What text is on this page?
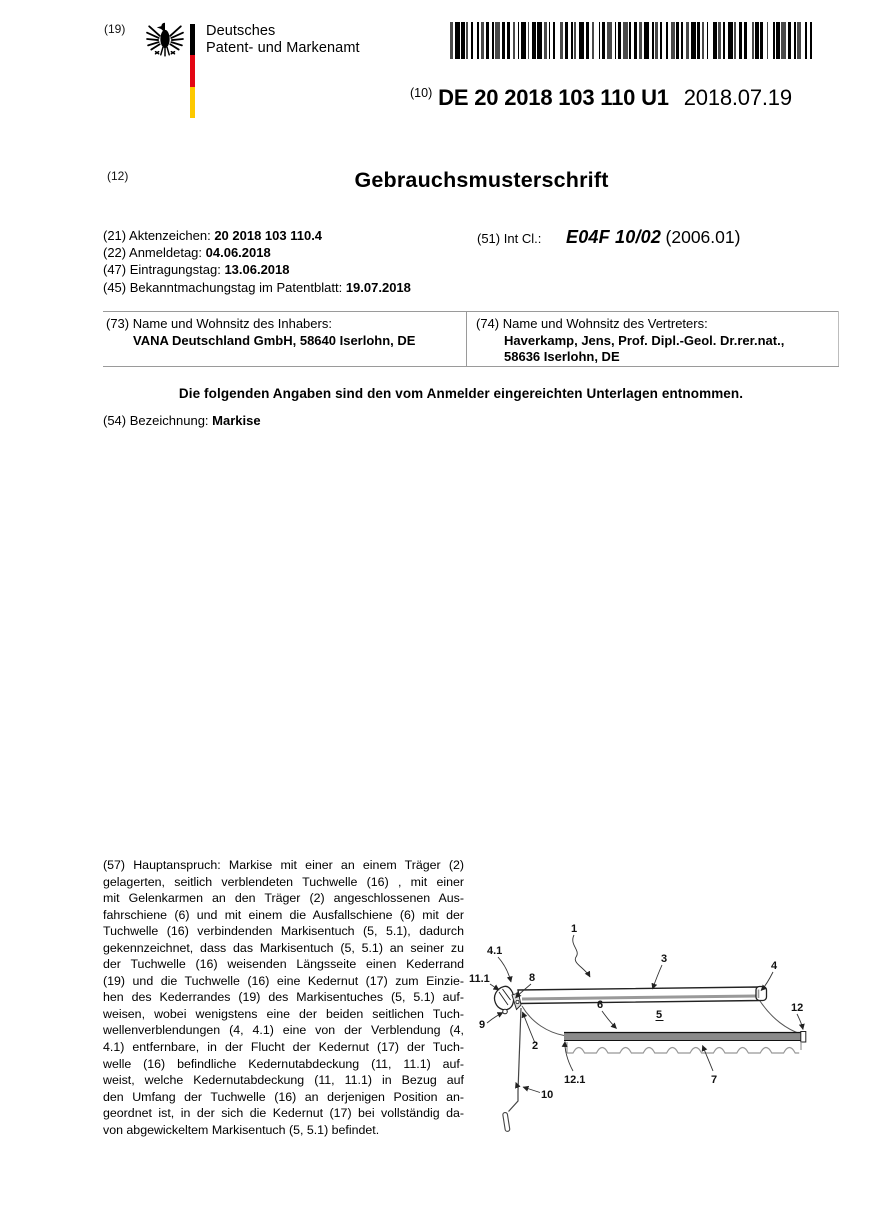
(19)	Deutsches
Patent- und Markenamt
$^{(10)}$ DE 20 2018 103 110 U1 2018.07.19
(12)	Gebrauchsmusterschrift
(21) Aktenzeichen: 20 2018 103 110.4
(22) Anmeldetag: 04.06.2018
(47) Eintragungstag: 13.06.2018
(45) Bekanntmachungstag im Patentblatt: 19.07.2018
(51) Int Cl.: E04F 10/02 (2006.01)
(73) Name und Wohnsitz des Inhabers:
VANA Deutschland GmbH, 58640 Iserlohn, DE
(74) Name und Wohnsitz des Vertreters:
Haverkamp, Jens, Prof. Dipl.-Geol. Dr.rer.nat.,
58636 Iserlohn, DE
Die folgenden Angaben sind den vom Anmelder eingereichten Unterlagen entnommen.
(54) Bezeichnung: Markise
(57) Hauptanspruch: Markise mit einer an einem Träger (2)
gelagerten, seitlich verblendeten Tuchwelle (16) , mit einer
mit Gelenkarmen an den Träger (2) angeschlossenen Aus-
fahrschiene (6) und mit einem die Ausfallschiene (6) mit der
Tuchwelle (16) verbindenden Markisentuch (5, 5.1), dadurch
gekennzeichnet, dass das Markisentuch (5, 5.1) an seiner zu
der Tuchwelle (16) weisenden Längsseite einen Kederrand
(19) und die Tuchwelle (16) eine Kedernut (17) zum Einzie-
hen des Kederrandes (19) des Markisentuches (5, 5.1) auf-
weisen, wobei wenigstens eine der beiden seitlichen Tuch-
wellenverblendungen (4, 4.1) eine von der Verblendung (4,
4.1) entfernbare, in der Flucht der Kedernut (17) der Tuch-
welle (16) befindliche Kedernutabdeckung (11, 11.1) auf-
weist, welche Kedernutabdeckung (11, 11.1) in Bezug auf
den Umfang der Tuchwelle (16) an derjenigen Position an-
geordnet ist, in der sich die Kedernut (17) bei vollständig da-
von abgewickeltem Markisentuch (5, 5.1) befindet.
1
4.1
11.1	8
9
2
3
4
6
5
12
12.1	7
10
